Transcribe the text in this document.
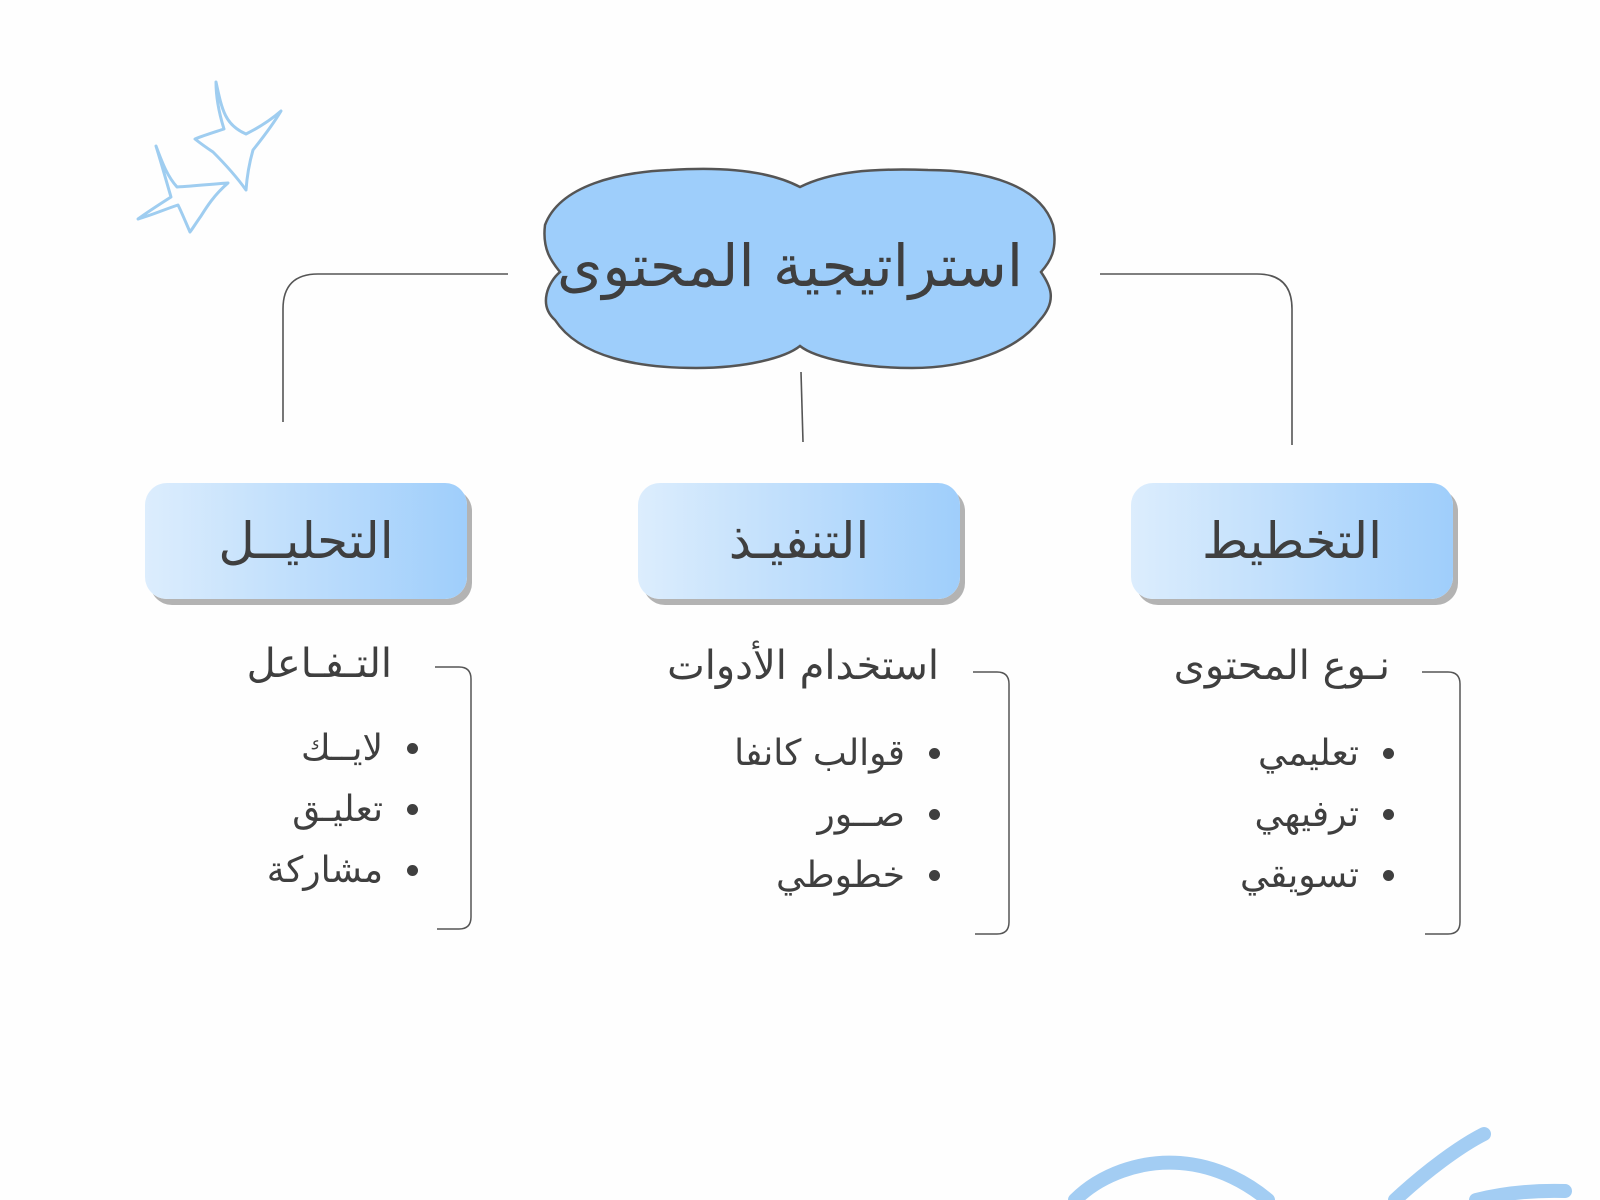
استراتيجية المحتوى
التخطيط
التنفيـذ
التحليــل
نـوع المحتوى
استخدام الأدوات
التـفـاعل
تعليمي
ترفيهي
تسويقي
قوالب كانفا
صــور
خطوطي
لايــك
تعليـق
مشاركة
